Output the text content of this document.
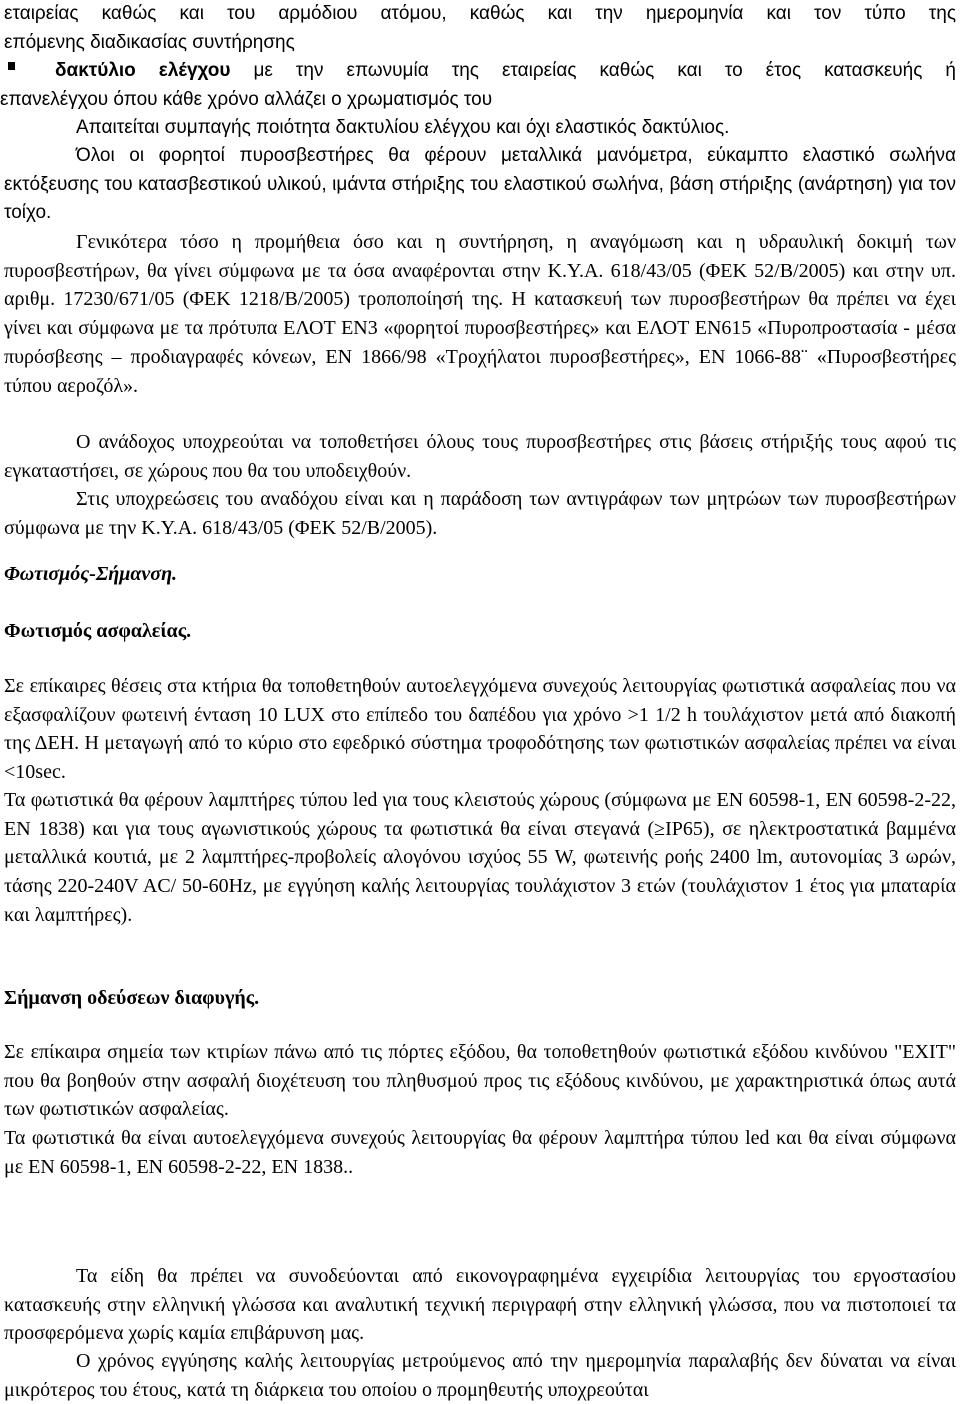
εταιρείας καθώς και του αρμόδιου ατόμου, καθώς και την ημερομηνία και τον τύπο της
επόμενης διαδικασίας συντήρησης
δακτύλιο ελέγχου με την επωνυμία της εταιρείας καθώς και το έτος κατασκευής ή
επανελέγχου όπου κάθε χρόνο αλλάζει ο χρωματισμός του
Απαιτείται συμπαγής ποιότητα δακτυλίου ελέγχου και όχι ελαστικός δακτύλιος.
Όλοι οι φορητοί πυροσβεστήρες θα φέρουν μεταλλικά μανόμετρα, εύκαμπτο ελαστικό σωλήνα εκτόξευσης του κατασβεστικού υλικού, ιμάντα στήριξης του ελαστικού σωλήνα, βάση στήριξης (ανάρτηση) για τον τοίχο.
Γενικότερα τόσο η προμήθεια όσο και η συντήρηση, η αναγόμωση και η υδραυλική δοκιμή των πυροσβεστήρων, θα γίνει σύμφωνα με τα όσα αναφέρονται στην Κ.Υ.Α. 618/43/05 (ΦΕΚ 52/Β/2005) και στην υπ. αριθμ. 17230/671/05 (ΦΕΚ 1218/Β/2005) τροποποίησή της. Η κατασκευή των πυροσβεστήρων θα πρέπει να έχει γίνει και σύμφωνα με τα πρότυπα ΕΛΟΤ EN3 «φορητοί πυροσβεστήρες» και ΕΛΟΤ ΕΝ615 «Πυροπροστασία - μέσα πυρόσβεσης – προδιαγραφές κόνεων, ΕΝ 1866/98 «Τροχήλατοι πυροσβεστήρες», ΕΝ 1066-88¨ «Πυροσβεστήρες τύπου αεροζόλ».
Ο ανάδοχος υποχρεούται να τοποθετήσει όλους τους πυροσβεστήρες στις βάσεις στήριξής τους αφού τις εγκαταστήσει, σε χώρους που θα του υποδειχθούν.
Στις υποχρεώσεις του αναδόχου είναι και η παράδοση των αντιγράφων των μητρώων των πυροσβεστήρων σύμφωνα με την Κ.Υ.Α. 618/43/05 (ΦΕΚ 52/Β/2005).
Φωτισμός-Σήμανση.
Φωτισμός ασφαλείας.
Σε επίκαιρες θέσεις στα κτήρια θα τοποθετηθούν αυτοελεγχόμενα συνεχούς λειτουργίας φωτιστικά ασφαλείας που να εξασφαλίζουν φωτεινή ένταση 10 LUX στο επίπεδο του δαπέδου για χρόνο >1 1/2 h τουλάχιστον μετά από διακοπή της ΔΕΗ. Η μεταγωγή από το κύριο στο εφεδρικό σύστημα τροφοδότησης των φωτιστικών ασφαλείας πρέπει να είναι <10sec.
Τα φωτιστικά θα φέρουν λαμπτήρες τύπου led για τους κλειστούς χώρους (σύμφωνα με ΕΝ 60598-1, EN 60598-2-22, EN 1838) και για τους αγωνιστικούς χώρους τα φωτιστικά θα είναι στεγανά (≥IP65), σε ηλεκτροστατικά βαμμένα μεταλλικά κουτιά, με 2 λαμπτήρες-προβολείς αλογόνου ισχύος 55 W, φωτεινής ροής 2400 lm, αυτονομίας 3 ωρών, τάσης 220-240V AC/ 50-60Hz, με εγγύηση καλής λειτουργίας τουλάχιστον 3 ετών (τουλάχιστον 1 έτος για μπαταρία και λαμπτήρες).
Σήμανση οδεύσεων διαφυγής.
Σε επίκαιρα σημεία των κτιρίων πάνω από τις πόρτες εξόδου, θα τοποθετηθούν φωτιστικά εξόδου κινδύνου "EXIT" που θα βοηθούν στην ασφαλή διοχέτευση του πληθυσμού προς τις εξόδους κινδύνου, με χαρακτηριστικά όπως αυτά των φωτιστικών ασφαλείας.
Τα φωτιστικά θα είναι αυτοελεγχόμενα συνεχούς λειτουργίας θα φέρουν λαμπτήρα τύπου led και θα είναι σύμφωνα με ΕΝ 60598-1, EN 60598-2-22, EN 1838..
Τα είδη θα πρέπει να συνοδεύονται από εικονογραφημένα εγχειρίδια λειτουργίας του εργοστασίου κατασκευής στην ελληνική γλώσσα και αναλυτική τεχνική περιγραφή στην ελληνική γλώσσα, που να πιστοποιεί τα προσφερόμενα χωρίς καμία επιβάρυνση μας.
Ο χρόνος εγγύησης καλής λειτουργίας μετρούμενος από την ημερομηνία παραλαβής δεν δύναται να είναι μικρότερος του έτους, κατά τη διάρκεια του οποίου ο προμηθευτής υποχρεούται
